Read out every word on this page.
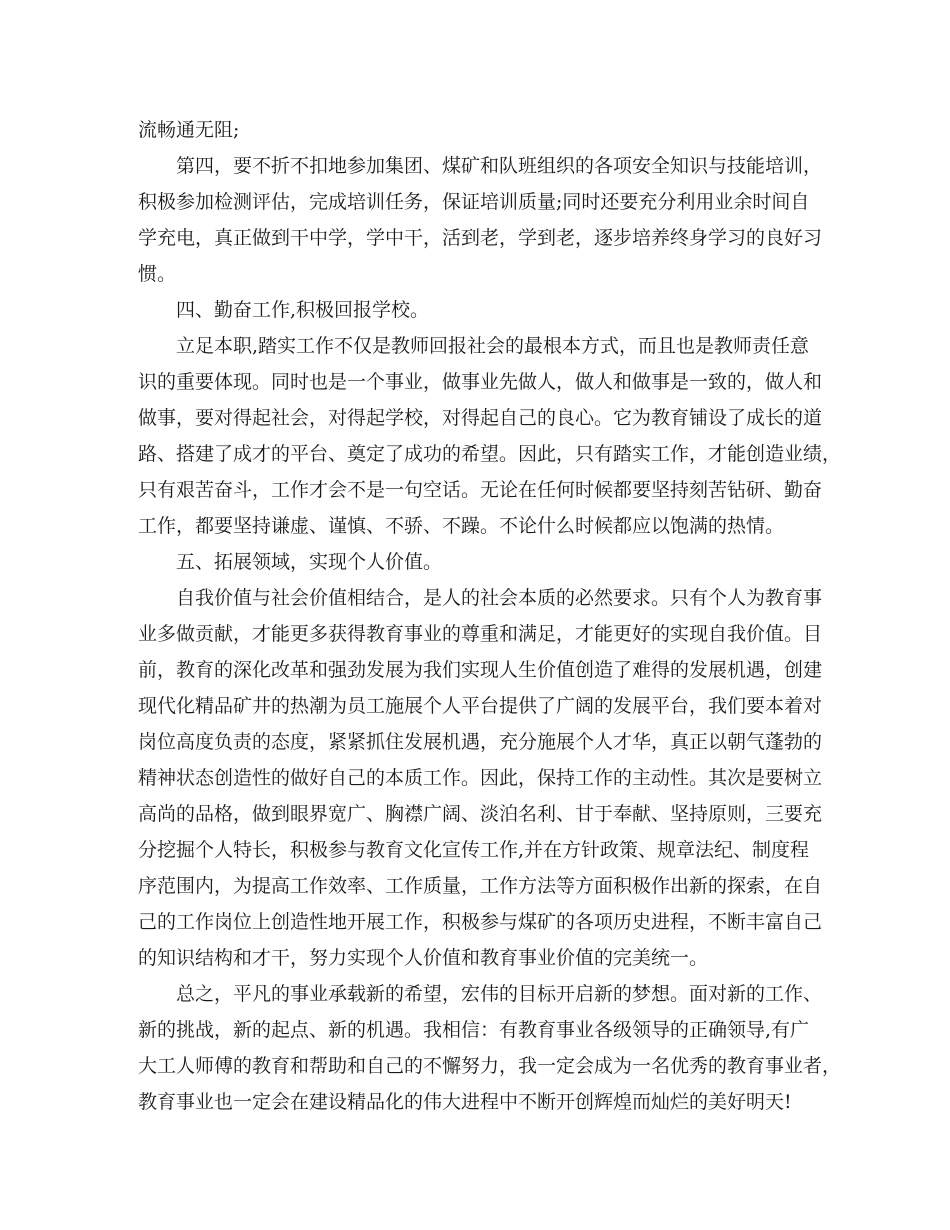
流畅通无阻;

第四，要不折不扣地参加集团、煤矿和队班组织的各项安全知识与技能培训，

积极参加检测评估，完成培训任务，保证培训质量;同时还要充分利用业余时间自

学充电，真正做到干中学，学中干，活到老，学到老，逐步培养终身学习的良好习

惯。

四、勤奋工作,积极回报学校。

立足本职,踏实工作不仅是教师回报社会的最根本方式，而且也是教师责任意

识的重要体现。同时也是一个事业，做事业先做人，做人和做事是一致的，做人和

做事，要对得起社会，对得起学校，对得起自己的良心。它为教育铺设了成长的道

路、搭建了成才的平台、奠定了成功的希望。因此，只有踏实工作，才能创造业绩，

只有艰苦奋斗，工作才会不是一句空话。无论在任何时候都要坚持刻苦钻研、勤奋

工作，都要坚持谦虚、谨慎、不骄、不躁。不论什么时候都应以饱满的热情。

五、拓展领域，实现个人价值。

自我价值与社会价值相结合，是人的社会本质的必然要求。只有个人为教育事

业多做贡献，才能更多获得教育事业的尊重和满足，才能更好的实现自我价值。目

前，教育的深化改革和强劲发展为我们实现人生价值创造了难得的发展机遇，创建

现代化精品矿井的热潮为员工施展个人平台提供了广阔的发展平台，我们要本着对

岗位高度负责的态度，紧紧抓住发展机遇，充分施展个人才华，真正以朝气蓬勃的

精神状态创造性的做好自己的本质工作。因此，保持工作的主动性。其次是要树立

高尚的品格，做到眼界宽广、胸襟广阔、淡泊名利、甘于奉献、坚持原则，三要充

分挖掘个人特长，积极参与教育文化宣传工作,并在方针政策、规章法纪、制度程

序范围内，为提高工作效率、工作质量，工作方法等方面积极作出新的探索，在自

己的工作岗位上创造性地开展工作，积极参与煤矿的各项历史进程，不断丰富自己

的知识结构和才干，努力实现个人价值和教育事业价值的完美统一。

总之，平凡的事业承载新的希望，宏伟的目标开启新的梦想。面对新的工作、

新的挑战，新的起点、新的机遇。我相信：有教育事业各级领导的正确领导,有广

大工人师傅的教育和帮助和自己的不懈努力，我一定会成为一名优秀的教育事业者，

教育事业也一定会在建设精品化的伟大进程中不断开创辉煌而灿烂的美好明天!
